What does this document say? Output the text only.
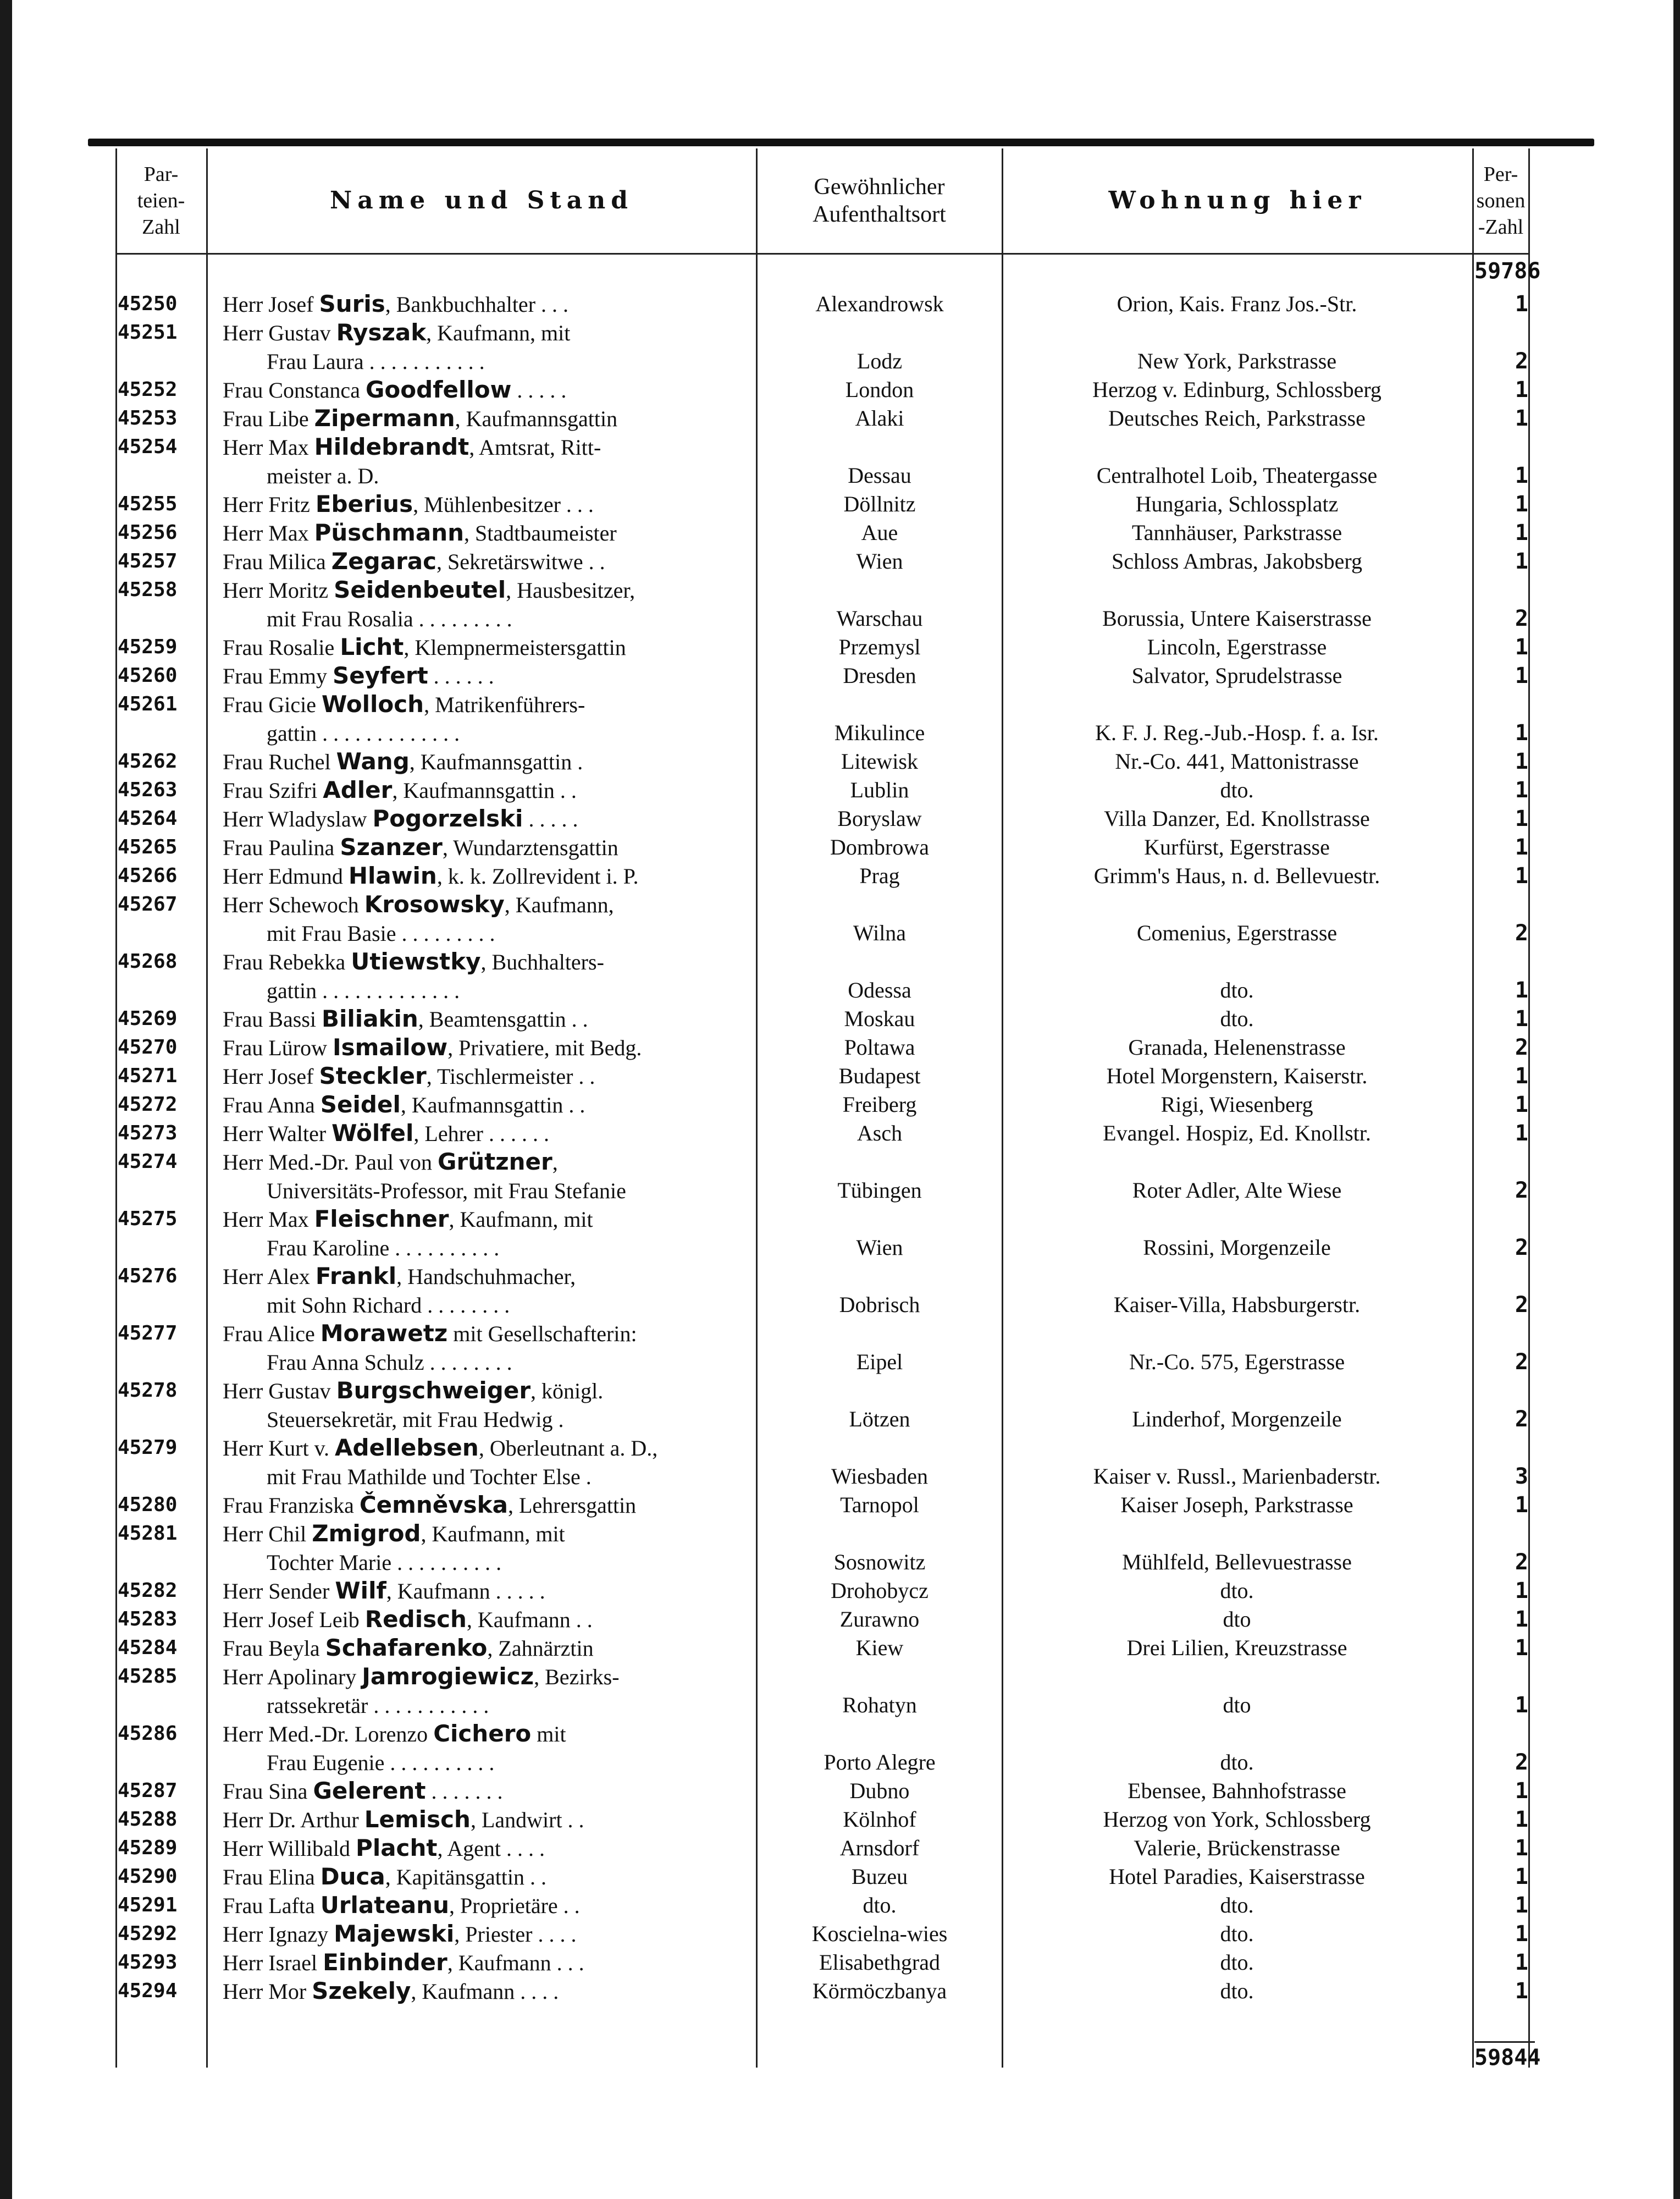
Par-teien-Zahl
Name und Stand	Gewöhnlicher Aufenthaltsort	Wohnung hier
Per-sonen-Zahl
59786
45250 Herr Josef Suris, Bankbuchhalter . . .	Alexandrowsk	Orion, Kais. Franz Jos.-Str.	1
45251 Herr Gustav Ryszak, Kaufmann, mit
Frau Laura . . . . . . . . . . .	Lodz	New York, Parkstrasse	2
45252 Frau Constanca Goodfellow . . . . .	London	Herzog v. Edinburg, Schlossberg	1
45253 Frau Libe Zipermann, Kaufmannsgattin	Alaki	Deutsches Reich, Parkstrasse	1
45254 Herr Max Hildebrandt, Amtsrat, Ritt-
meister a. D.	Dessau	Centralhotel Loib, Theatergasse	1
45255 Herr Fritz Eberius, Mühlenbesitzer . . .	Döllnitz	Hungaria, Schlossplatz	1
45256 Herr Max Püschmann, Stadtbaumeister	Aue	Tannhäuser, Parkstrasse	1
45257 Frau Milica Zegarac, Sekretärswitwe . .	Wien	Schloss Ambras, Jakobsberg	1
45258 Herr Moritz Seidenbeutel, Hausbesitzer,
mit Frau Rosalia . . . . . . . . .	Warschau	Borussia, Untere Kaiserstrasse	2
45259 Frau Rosalie Licht, Klempnermeistersgattin	Przemysl	Lincoln, Egerstrasse	1
45260 Frau Emmy Seyfert . . . . . .	Dresden	Salvator, Sprudelstrasse	1
45261 Frau Gicie Wolloch, Matrikenführers-
gattin . . . . . . . . . . . . .	Mikulince	K. F. J. Reg.-Jub.-Hosp. f. a. Isr.	1
45262 Frau Ruchel Wang, Kaufmannsgattin .	Litewisk	Nr.-Co. 441, Mattonistrasse	1
45263 Frau Szifri Adler, Kaufmannsgattin . .	Lublin	dto.	1
45264 Herr Wladyslaw Pogorzelski . . . . .	Boryslaw	Villa Danzer, Ed. Knollstrasse	1
45265 Frau Paulina Szanzer, Wundarztensgattin	Dombrowa	Kurfürst, Egerstrasse	1
45266 Herr Edmund Hlawin, k. k. Zollrevident i. P.	Prag	Grimm's Haus, n. d. Bellevuestr.	1
45267 Herr Schewoch Krosowsky, Kaufmann,
mit Frau Basie . . . . . . . . .	Wilna	Comenius, Egerstrasse	2
45268 Frau Rebekka Utiewstky, Buchhalters-
gattin . . . . . . . . . . . . .	Odessa	dto.	1
45269 Frau Bassi Biliakin, Beamtensgattin . .	Moskau	dto.	1
45270 Frau Lürow Ismailow, Privatiere, mit Bedg.	Poltawa	Granada, Helenenstrasse	2
45271 Herr Josef Steckler, Tischlermeister . .	Budapest	Hotel Morgenstern, Kaiserstr.	1
45272 Frau Anna Seidel, Kaufmannsgattin . .	Freiberg	Rigi, Wiesenberg	1
45273 Herr Walter Wölfel, Lehrer . . . . . .	Asch	Evangel. Hospiz, Ed. Knollstr.	1
45274 Herr Med.-Dr. Paul von Grützner,
Universitäts-Professor, mit Frau Stefanie	Tübingen	Roter Adler, Alte Wiese	2
45275 Herr Max Fleischner, Kaufmann, mit
Frau Karoline . . . . . . . . . .	Wien	Rossini, Morgenzeile	2
45276 Herr Alex Frankl, Handschuhmacher,
mit Sohn Richard . . . . . . . .	Dobrisch	Kaiser-Villa, Habsburgerstr.	2
45277 Frau Alice Morawetz mit Gesellschafterin:
Frau Anna Schulz . . . . . . . .	Eipel	Nr.-Co. 575, Egerstrasse	2
45278 Herr Gustav Burgschweiger, königl.
Steuersekretär, mit Frau Hedwig .	Lötzen	Linderhof, Morgenzeile	2
45279 Herr Kurt v. Adellebsen, Oberleutnant a. D.,
mit Frau Mathilde und Tochter Else .	Wiesbaden	Kaiser v. Russl., Marienbaderstr.	3
45280 Frau Franziska Čemněvska, Lehrersgattin	Tarnopol	Kaiser Joseph, Parkstrasse	1
45281 Herr Chil Zmigrod, Kaufmann, mit
Tochter Marie . . . . . . . . . .	Sosnowitz	Mühlfeld, Bellevuestrasse	2
45282 Herr Sender Wilf, Kaufmann . . . . .	Drohobycz	dto.	1
45283 Herr Josef Leib Redisch, Kaufmann . .	Zurawno	dto	1
45284 Frau Beyla Schafarenko, Zahnärztin	Kiew	Drei Lilien, Kreuzstrasse	1
45285 Herr Apolinary Jamrogiewicz, Bezirks-
ratssekretär . . . . . . . . . . .	Rohatyn	dto	1
45286 Herr Med.-Dr. Lorenzo Cichero mit
Frau Eugenie . . . . . . . . . .	Porto Alegre	dto.	2
45287 Frau Sina Gelerent . . . . . . .	Dubno	Ebensee, Bahnhofstrasse	1
45288 Herr Dr. Arthur Lemisch, Landwirt . .	Kölnhof	Herzog von York, Schlossberg	1
45289 Herr Willibald Placht, Agent . . . .	Arnsdorf	Valerie, Brückenstrasse	1
45290 Frau Elina Duca, Kapitänsgattin . .	Buzeu	Hotel Paradies, Kaiserstrasse	1
45291 Frau Lafta Urlateanu, Proprietäre . .	dto.	dto.	1
45292 Herr Ignazy Majewski, Priester . . . .	Koscielna-wies	dto.	1
45293 Herr Israel Einbinder, Kaufmann . . .	Elisabethgrad	dto.	1
45294 Herr Mor Szekely, Kaufmann . . . .	Körmöczbanya	dto.	1
59844
